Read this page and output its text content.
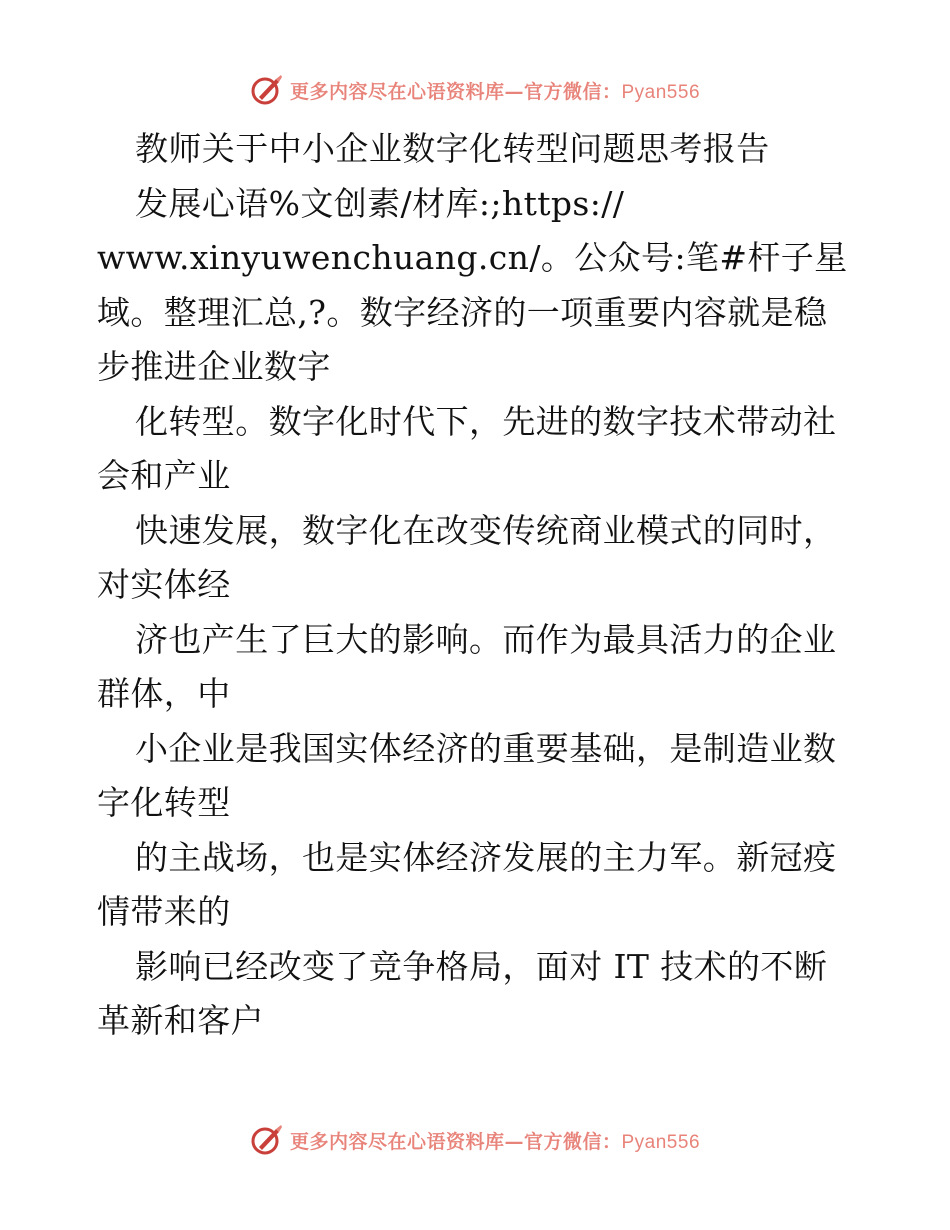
更多内容尽在心语资料库—官方微信：Pyan556
教师关于中小企业数字化转型问题思考报告
发展心语%文创素/材库:;https://
www.xinyuwenchuang.cn/。公众号:笔#杆子星
域。整理汇总,?。数字经济的一项重要内容就是稳
步推进企业数字
化转型。数字化时代下，先进的数字技术带动社
会和产业
快速发展，数字化在改变传统商业模式的同时，
对实体经
济也产生了巨大的影响。而作为最具活力的企业
群体，中
小企业是我国实体经济的重要基础，是制造业数
字化转型
的主战场，也是实体经济发展的主力军。新冠疫
情带来的
影响已经改变了竞争格局，面对 IT 技术的不断
革新和客户
更多内容尽在心语资料库—官方微信：Pyan556
